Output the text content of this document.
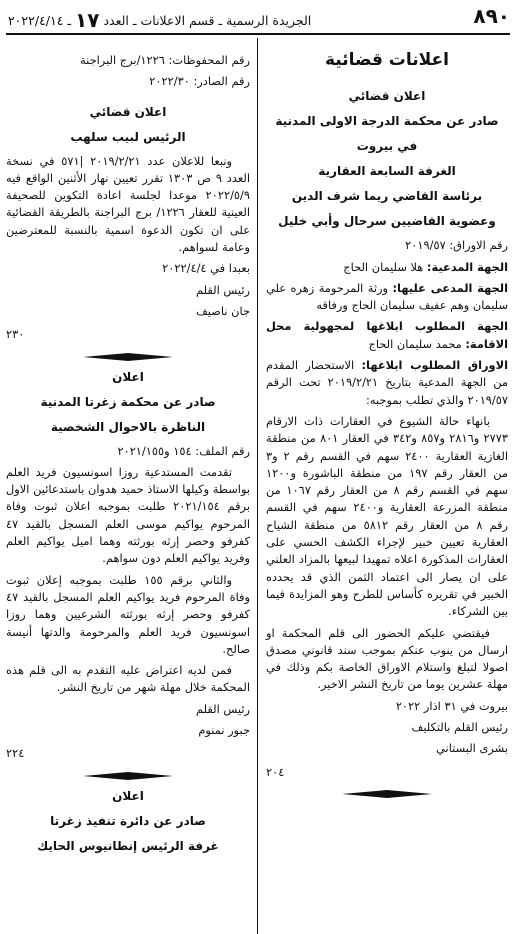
٨٩٠
الجريدة الرسمية ـ قسم الاعلانات ـ العدد ١٧ ـ ٢٠٢٢/٤/١٤
اعلانات قضائية
اعلان قضائي
صادر عن محكمة الدرجة الاولى المدنية
في بيروت
الغرفة السابعة العقارية
برئاسة القاضي ريما شرف الدين
وعضوية القاضيين سرحال وأبي خليل

رقم الاوراق: ٢٠١٩/٥٧

الجهة المدعية: هلا سليمان الحاج

الجهة المدعى عليها: ورثة المرحومة زهره علي سليمان وهم عفيف سليمان الحاج ورفاقه

الجهة المطلوب ابلاغها لمجهولية محل الاقامة: محمد سليمان الحاج

الاوراق المطلوب ابلاغها: الاستحضار المقدم من الجهة المدعية بتاريخ ٢٠١٩/٢/٢١ تحت الرقم ٢٠١٩/٥٧ والذي تطلب بموجبه:

بانهاء حالة الشيوع في العقارات ذات الارقام ٢٧٧٣ و٢٨١٦ و٨٥٧ و٣٤٢ في العقار ٨٠١ من منطقة الغازية العقارية ٢٤٠٠ سهم في القسم رقم ٢ و٣ من العقار رقم ١٩٧ من منطقة الباشورة و١٢٠٠ سهم في القسم رقم ٨ من العقار رقم ١٠٦٧ من منطقة المزرعة العقارية و٢٤٠٠ سهم في القسم رقم ٨ من العقار رقم ٥٨١٢ من منطقة الشياح العقارية تعيين خبير لإجراء الكشف الحسي على العقارات المذكورة اعلاه تمهيدا لبيعها بالمزاد العلني على ان يصار الى اعتماد الثمن الذي قد يحدده الخبير في تقريره كأساس للطرح وهو المزايدة فيما بين الشركاء.

فيقتضي عليكم الحضور الى قلم المحكمة او ارسال من ينوب عنكم بموجب سند قانوني مصدق اصولا لتبلغ واستلام الاوراق الخاصة بكم وذلك في مهلة عشرين يوما من تاريخ النشر الاخير.

بيروت في ٣١ اذار ٢٠٢٢

رئيس القلم بالتكليف

بشرى البستاني

٢٠٤

رقم المحفوظات: ١٢٢٦/برج البراجنة

رقم الصادر: ٢٠٢٢/٣٠

اعلان قضائي
الرئيس لبيب سلهب

ونبعا للاعلان عدد ٢٠١٩/٢/٢١ |٥٧١ في نسخة العدد ٩ ص ١٣٠٣ تقرر تعيين نهار الأثنين الواقع فيه ٢٠٢٢/٥/٩ موعدا لجلسة اعادة التكوين للصحيفة العينية للعقار ١٢٢٦/ برج البراجنة بالطريقة القضائية على ان تكون الدعوة اسمية بالنسبة للمعترضين وعامة لسواهم.

بعبدا في ٢٠٢٢/٤/٤

رئيس القلم

جان ناصيف

٢٣٠
اعلان
صادر عن محكمة زغرتا المدنية
الناظرة بالاحوال الشخصية

رقم الملف: ١٥٤ و٢٠٢١/١٥٥

تقدمت المستدعية روزا اسونسيون فريد العلم بواسطة وكيلها الاستاذ حميد هدوان باستدعائين الاول برقم ٢٠٢١/١٥٤ طلبت بموجبه اعلان ثبوت وفاة المرحوم يواكيم موسى العلم المسجل بالقيد ٤٧ كفرفو وحصر إرثه بورثته وهما اميل يواكيم العلم وفريد يواكيم العلم دون سواهم.

والثاني برقم ١٥٥ طلبت بموجبه إعلان ثبوت وفاة المرحوم فريد يواكيم العلم المسجل بالقيد ٤٧ كفرفو وحصر إرثه بورثته الشرعيين وهما روزا اسونسيون فريد العلم والمرحومة والدتها أنيسة صالح.

فمن لديه اعتراض عليه التقدم به الى قلم هذه المحكمة خلال مهلة شهر من تاريخ النشر.

رئيس القلم

جبور نمنوم

٢٢٤
اعلان
صادر عن دائرة تنفيذ زغرتا
غرفة الرئيس إنطانيوس الحايك
